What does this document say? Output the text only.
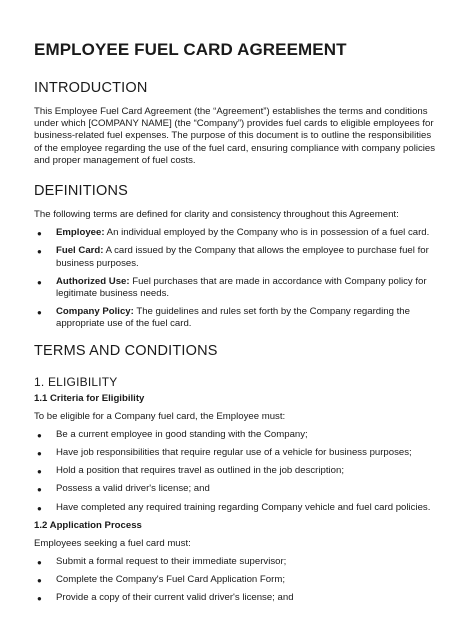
EMPLOYEE FUEL CARD AGREEMENT
INTRODUCTION

This Employee Fuel Card Agreement (the “Agreement”) establishes the terms and conditions under which [COMPANY NAME] (the “Company”) provides fuel cards to eligible employees for business-related fuel expenses. The purpose of this document is to outline the responsibilities of the employee regarding the use of the fuel card, ensuring compliance with company policies and proper management of fuel costs.

DEFINITIONS

The following terms are defined for clarity and consistency throughout this Agreement:

● Employee: An individual employed by the Company who is in possession of a fuel card.
● Fuel Card: A card issued by the Company that allows the employee to purchase fuel for business purposes.
● Authorized Use: Fuel purchases that are made in accordance with Company policy for legitimate business needs.
● Company Policy: The guidelines and rules set forth by the Company regarding the appropriate use of the fuel card.
TERMS AND CONDITIONS
1. ELIGIBILITY
1.1 Criteria for Eligibility

To be eligible for a Company fuel card, the Employee must:

● Be a current employee in good standing with the Company;
● Have job responsibilities that require regular use of a vehicle for business purposes;
● Hold a position that requires travel as outlined in the job description;
● Possess a valid driver's license; and
● Have completed any required training regarding Company vehicle and fuel card policies.
1.2 Application Process

Employees seeking a fuel card must:

● Submit a formal request to their immediate supervisor;
● Complete the Company's Fuel Card Application Form;
● Provide a copy of their current valid driver's license; and
